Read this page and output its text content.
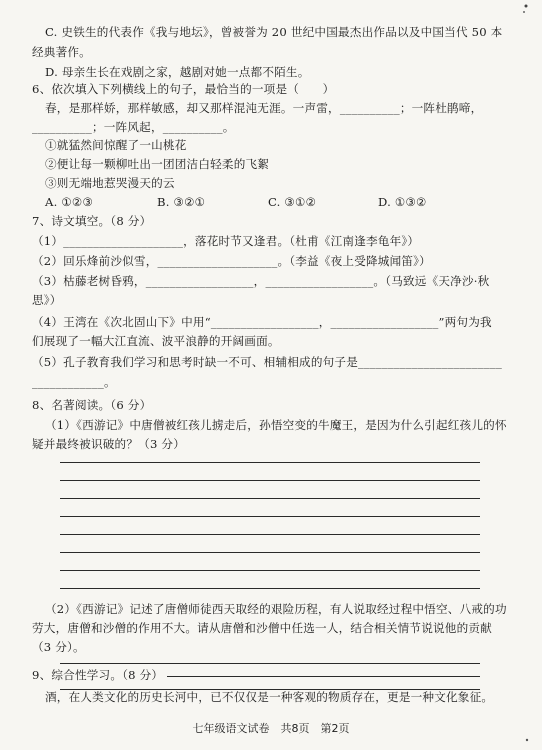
C. 史铁生的代表作《我与地坛》，曾被誉为 20 世纪中国最杰出作品以及中国当代 50 本
经典著作。
D. 母亲生长在戏剧之家，越剧对她一点都不陌生。
6、依次填入下列横线上的句子，最恰当的一项是（　　）
春，是那样娇，那样敏感，却又那样混沌无涯。一声雷，__________；一阵杜鹃啼，
__________；一阵风起，__________。
①就猛然间惊醒了一山桃花
②便让每一颗柳吐出一团团洁白轻柔的飞絮
③则无端地惹哭漫天的云
A. ①②③	B. ③②①	C. ③①②	D. ①③②
7、诗文填空。（8 分）
（1）____________________，落花时节又逢君。（杜甫《江南逢李龟年》）
（2）回乐烽前沙似雪，____________________。（李益《夜上受降城闻笛》）
（3）枯藤老树昏鸦，__________________，__________________。（马致远《天净沙·秋
思》）
（4）王湾在《次北固山下》中用“__________________，__________________”两句为我
们展现了一幅大江直流、波平浪静的开阔画面。
（5）孔子教育我们学习和思考时缺一不可、相辅相成的句子是________________________
____________。
8、名著阅读。（6 分）
（1）《西游记》中唐僧被红孩儿掳走后，孙悟空变的牛魔王，是因为什么引起红孩儿的怀
疑并最终被识破的？（3 分）
（2）《西游记》记述了唐僧师徒西天取经的艰险历程，有人说取经过程中悟空、八戒的功
劳大，唐僧和沙僧的作用不大。请从唐僧和沙僧中任选一人，结合相关情节说说他的贡献
（3 分）。
9、综合性学习。（8 分）
酒，在人类文化的历史长河中，已不仅仅是一种客观的物质存在，更是一种文化象征。
七年级语文试卷　共8页　第2页
